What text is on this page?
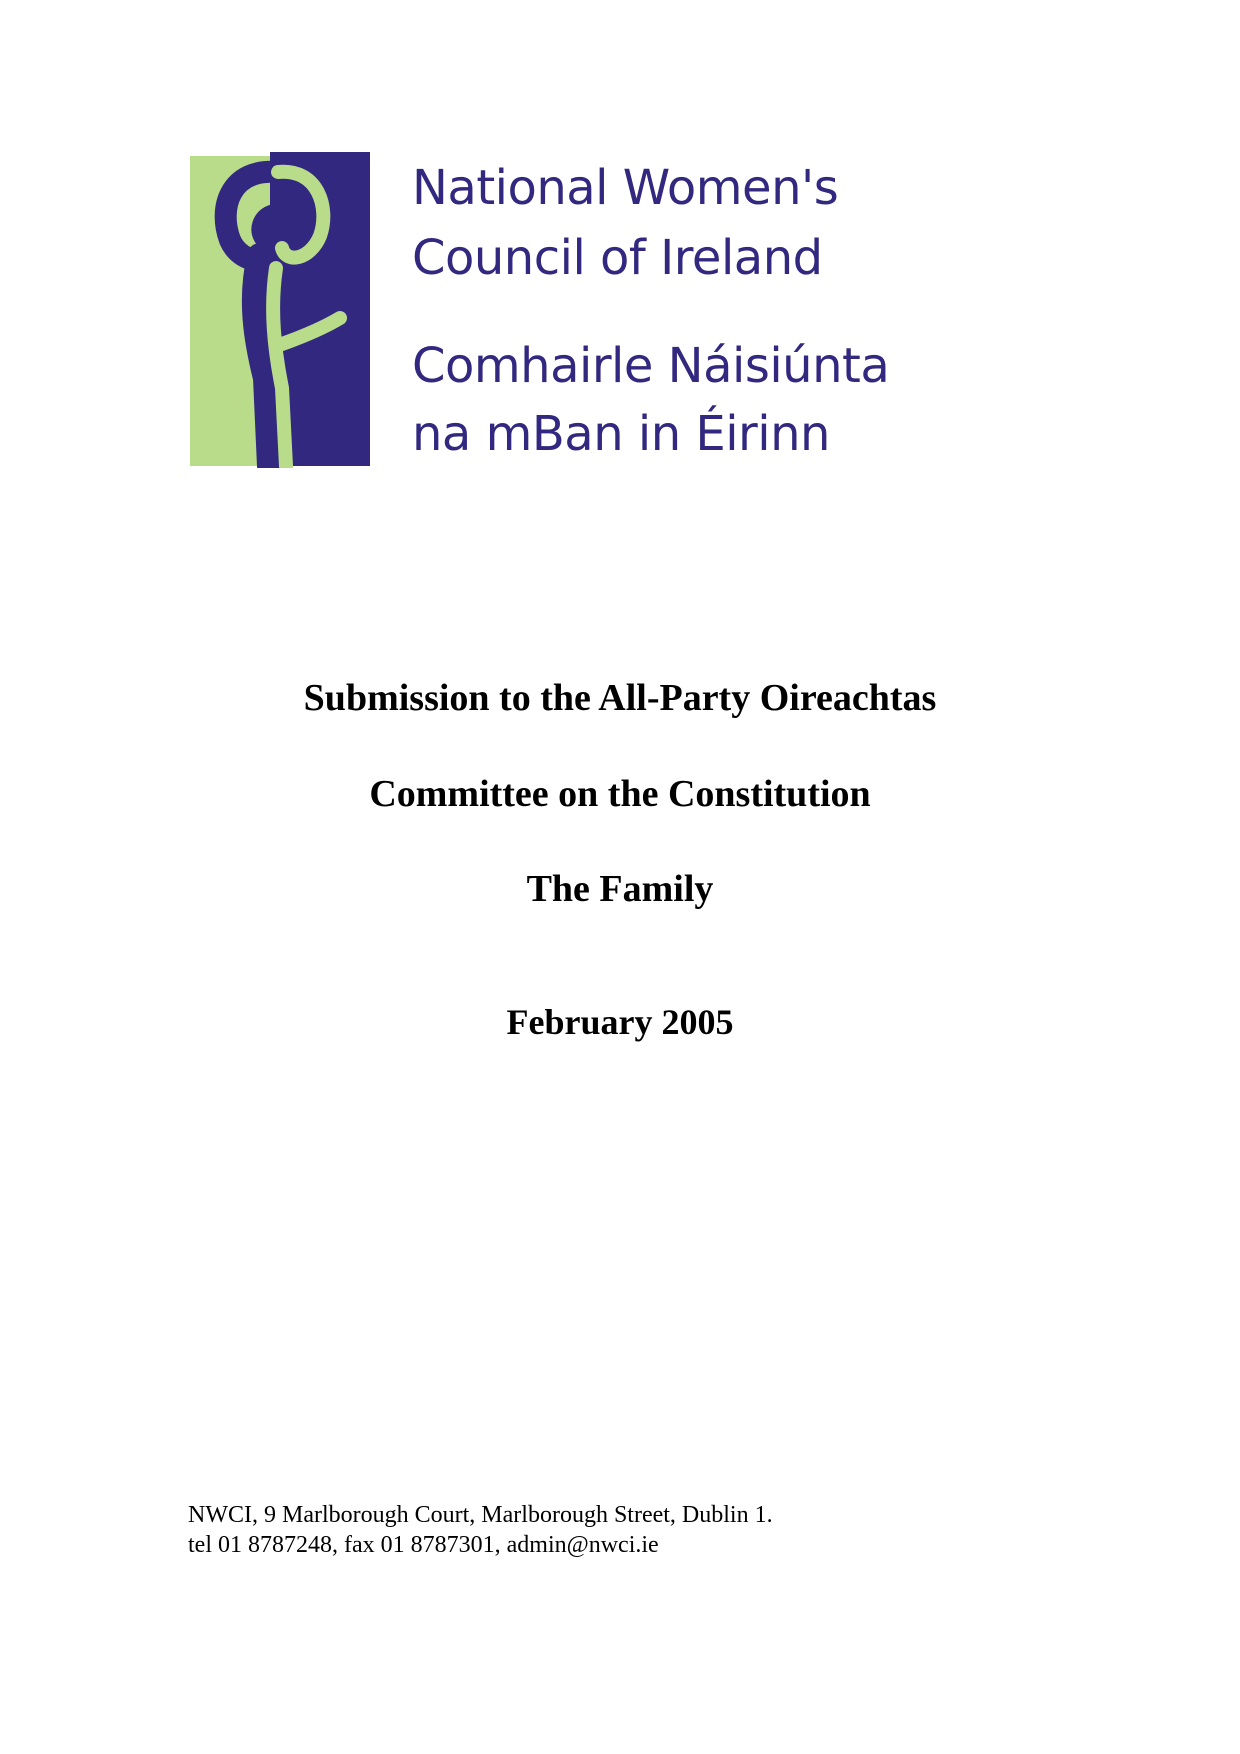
National Women's
Council of Ireland
Comhairle Náisiúnta
na mBan in Éirinn
Submission to the All-Party Oireachtas
Committee on the Constitution
The Family
February 2005
NWCI, 9 Marlborough Court, Marlborough Street, Dublin 1.
tel 01 8787248, fax 01 8787301, admin@nwci.ie
